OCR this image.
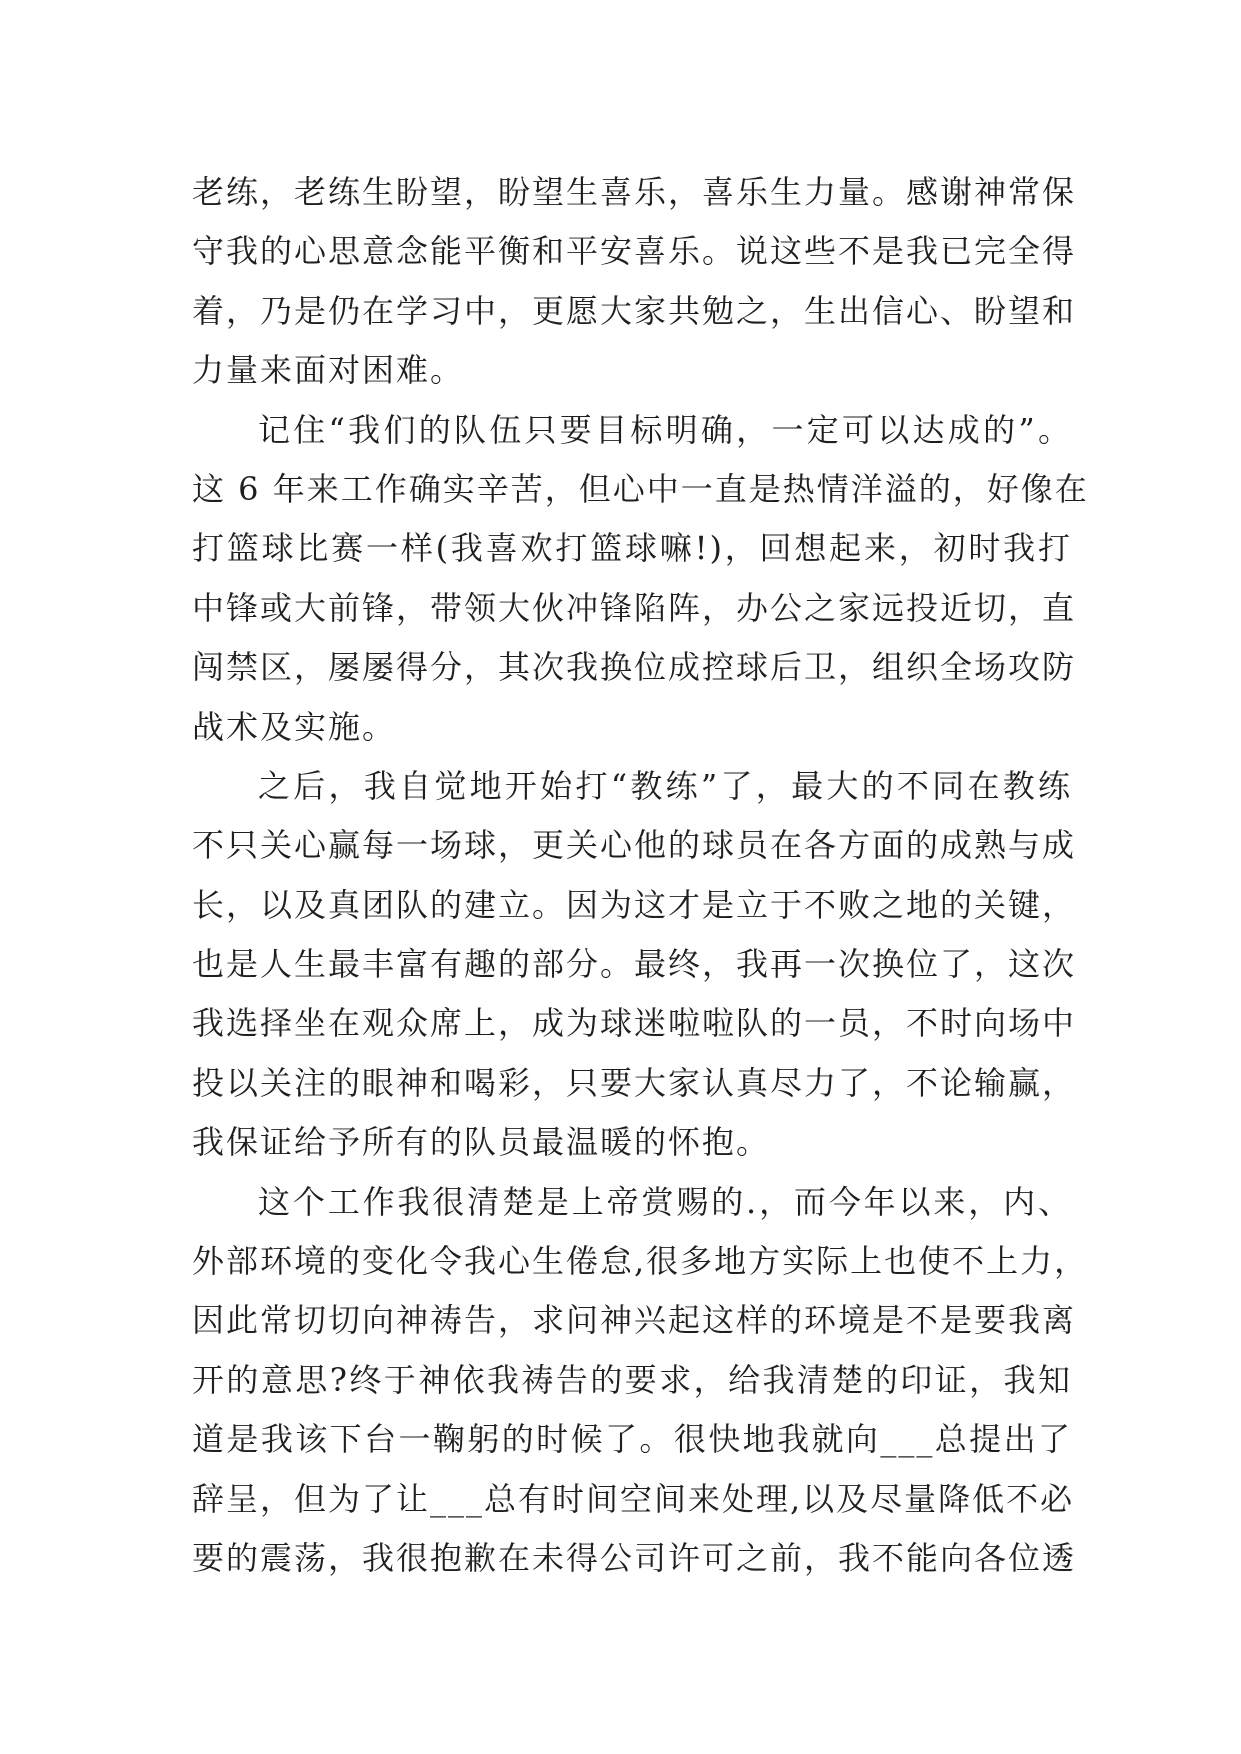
老练，老练生盼望，盼望生喜乐，喜乐生力量。感谢神常保
守我的心思意念能平衡和平安喜乐。说这些不是我已完全得
着，乃是仍在学习中，更愿大家共勉之，生出信心、盼望和
力量来面对困难。
记住“我们的队伍只要目标明确，一定可以达成的”。
这 6 年来工作确实辛苦，但心中一直是热情洋溢的，好像在
打篮球比赛一样(我喜欢打篮球嘛!)，回想起来，初时我打
中锋或大前锋，带领大伙冲锋陷阵，办公之家远投近切，直
闯禁区，屡屡得分，其次我换位成控球后卫，组织全场攻防
战术及实施。
之后，我自觉地开始打“教练”了，最大的不同在教练
不只关心赢每一场球，更关心他的球员在各方面的成熟与成
长，以及真团队的建立。因为这才是立于不败之地的关键，
也是人生最丰富有趣的部分。最终，我再一次换位了，这次
我选择坐在观众席上，成为球迷啦啦队的一员，不时向场中
投以关注的眼神和喝彩，只要大家认真尽力了，不论输赢，
我保证给予所有的队员最温暖的怀抱。
这个工作我很清楚是上帝赏赐的.，而今年以来，内、
外部环境的变化令我心生倦怠,很多地方实际上也使不上力，
因此常切切向神祷告，求问神兴起这样的环境是不是要我离
开的意思?终于神依我祷告的要求，给我清楚的印证，我知
道是我该下台一鞠躬的时候了。很快地我就向___总提出了
辞呈，但为了让___总有时间空间来处理,以及尽量降低不必
要的震荡，我很抱歉在未得公司许可之前，我不能向各位透
